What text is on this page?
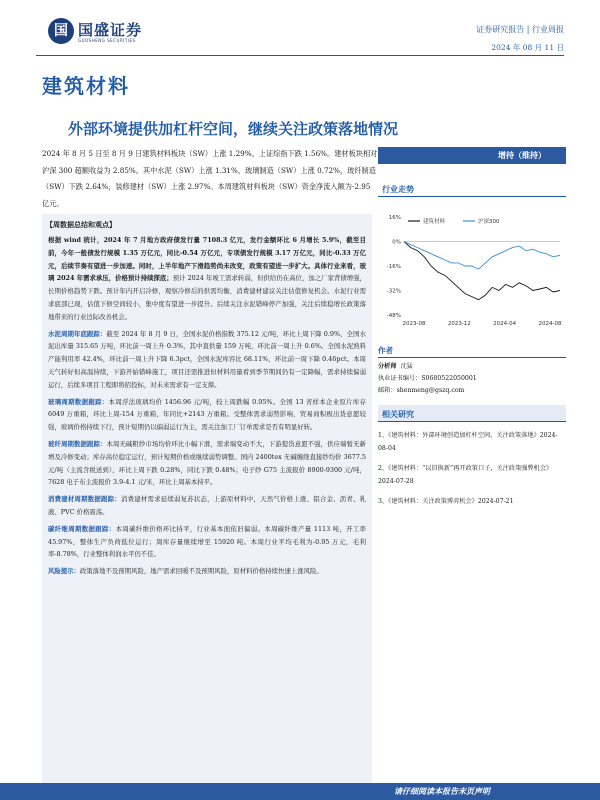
国 国盛证券
GUOSHENG SECURITIES
证券研究报告 | 行业周报
2024 年 08 月 11 日
建筑材料
外部环境提供加杠杆空间，继续关注政策落地情况
2024 年 8 月 5 日至 8 月 9 日建筑材料板块（SW）上涨 1.29%。上证综指下跌 1.56%。建材板块相对沪深 300 超额收益为 2.85%。其中水泥（SW）上涨 1.31%，玻璃制造（SW）上涨 0.72%，玻纤制造（SW）下跌 2.64%，装修建材（SW）上涨 2.97%。本周建筑材料板块（SW）资金净流入额为-2.95 亿元。
增持（维持）
行业走势
16%
0%
-16%
-32%
-48%
2023-08	2023-12	2024-04	2024-08
建筑材料	沪深300
作者
分析师 沈猛
执业证书编号：S0680522050001
邮箱：shenmeng@gszq.com
相关研究
1、《建筑材料：外部环境创造加杠杆空间，关注政策落地》2024-08-04
2、《建筑材料：“以旧换新”再开政策口子，关注政策强弊机会》2024-07-28
3、《建筑材料：关注政策博弈机会》2024-07-21
【周数据总结和观点】

根据 wind 统计，2024 年 7 月地方政府债发行量 7108.3 亿元，发行金额环比 6 月增长 5.9%，截至目前，今年一般债发行规模 1.35 万亿元，同比-0.54 万亿元，专项债发行规模 3.17 万亿元，同比-0.33 万亿元，后续节奏有望进一步加速。同时，上半年地产下滑趋势尚未改变，政策有望进一步扩大。具体行业来看，玻璃 2024 年需求承压，价格预计持续探底；预计 2024 年竣工需求转弱，但供给仍在高位，加之厂家背债增强，长期价格趋势下跌。预计年内开启冷修，观察冷修后的供需均衡，消费建材建议关注估值修复机会。水泥行业需求底部已现，估值下修空间较小，集中度有望进一步提升。后续关注水泥错峰停产加强，关注后续稳增长政策落地带来的行业边际改善机会。

水泥周期年底跟踪：截至 2024 年 8 月 9 日，全国水泥价格指数 375.12 元/吨，环比上周下降 0.9%，全国水泥出库量 315.65 万吨，环比前一周上升 0.3%，其中直供量 159 万吨，环比前一周上升 0.6%。全国水泥熟料产能利用率 42.4%，环比前一周上升下降 6.3pct，全国水泥库容比 68.11%，环比前一周下降 0.46pct。本周天气转好但高温持续，下游开始错峰施工，项目还需推进但材料用量看到季节期间仍有一定降幅，需求持续偏弱运行，后续多项目工程即将招投标，对未来需求有一定支撑。

玻璃周期数据跟踪：本周浮法玻璃均价 1456.96 元/吨，较上周跌幅 0.95%。全国 13 省样本企业原片库存 6049 万重箱，环比上周-154 万重箱，年同比+2143 万重箱。受整体需求弱势影响，贸易商积极出货意愿较强，玻璃价格持续下行，预计短期仍以偏弱运行为主，需关注加工厂订单需求是否有明显好转。

玻纤周期数据跟踪：本周无碱粗纱市场均价环比小幅下滑，需求端变动不大，下游提货意愿不强，供应端暂无新增及冷修变动；库存高位稳定运行，预计短期价格或继续弱势调整。国内 2400tex 无碱缠绕直接纱均价 3677.5 元/吨（主流含税送到），环比上周下跌 0.28%，同比下跌 0.48%；电子纱 G75 主流报价 8900-9300 元/吨，7628 电子布主流报价 3.9-4.1 元/米，环比上周基本持平。

消费建材周期数据跟踪：消费建材需求延续弱复苏状态，上游原材料中，天然气价格上涨、铝合金、沥青、乳液、PVC 价格震荡。

碳纤维周期数据跟踪：本周碳纤维价格环比持平，行业基本面依旧偏弱。本周碳纤维产量 1113 吨，开工率 45.97%，整体生产负荷低位运行；周库存量继续增至 15920 吨。本周行业平均毛利为-0.95 万元，毛利率-8.78%，行业整体利润水平仍不佳。

风险提示：政策落地不及预期风险，地产需求回暖不及预期风险，原材料价格持续快速上涨风险。

请仔细阅读本报告末页声明
